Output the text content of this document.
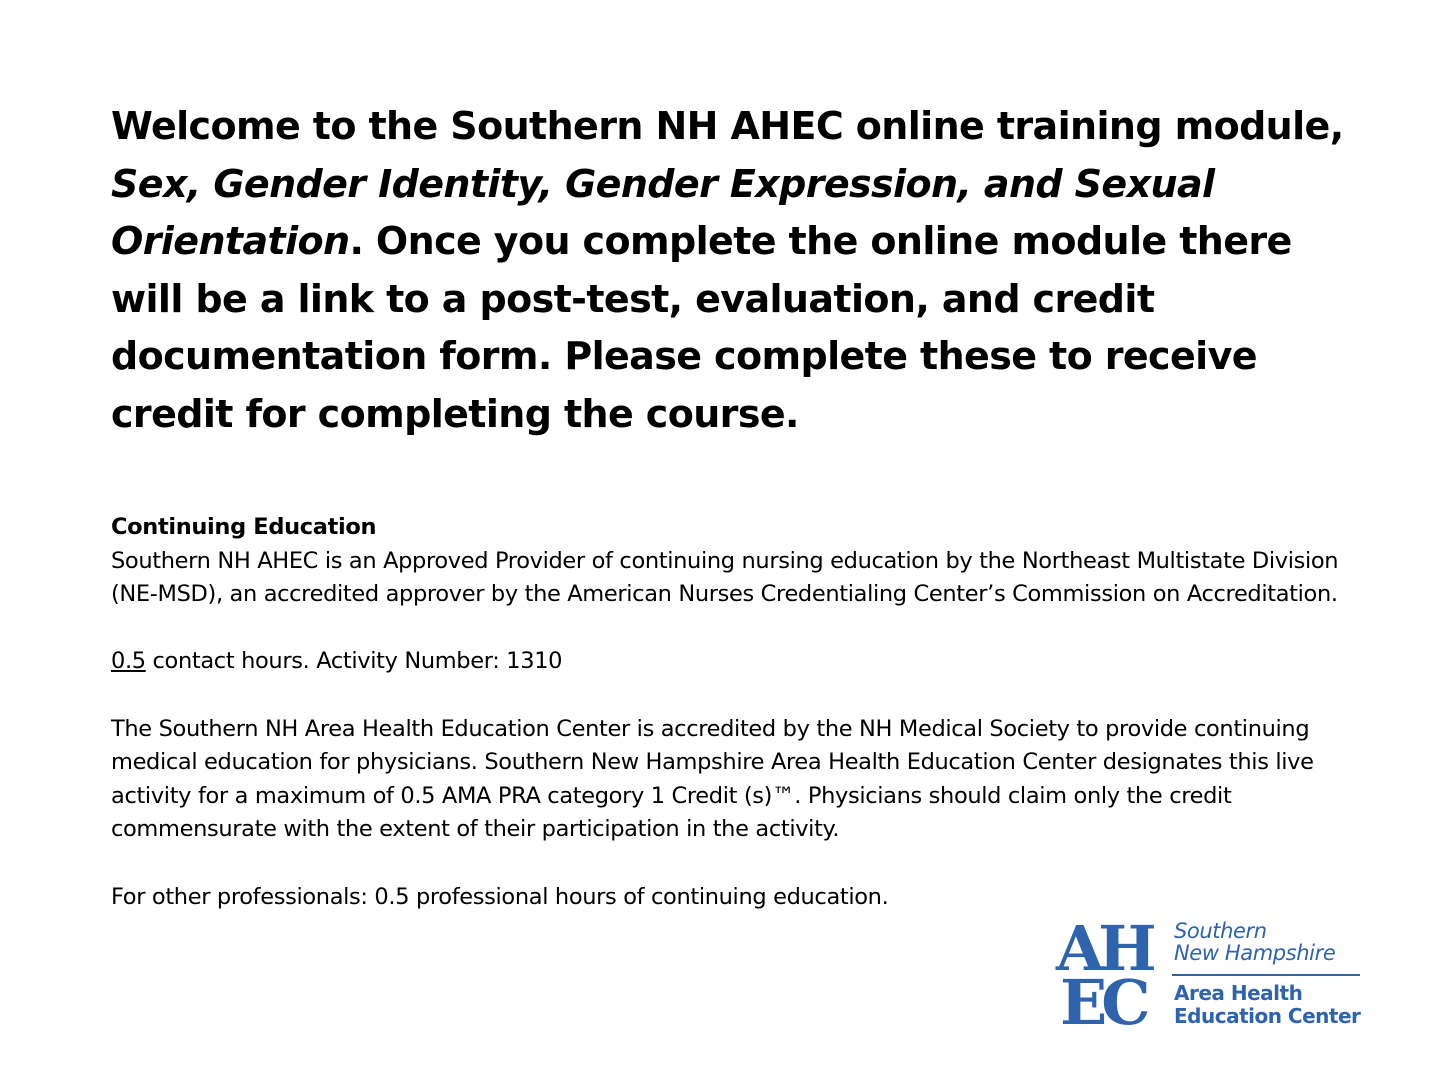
Welcome to the Southern NH AHEC online training module, Sex, Gender Identity, Gender Expression, and Sexual Orientation. Once you complete the online module there will be a link to a post-test, evaluation, and credit documentation form. Please complete these to receive credit for completing the course.

Continuing Education

Southern NH AHEC is an Approved Provider of continuing nursing education by the Northeast Multistate Division (NE-MSD), an accredited approver by the American Nurses Credentialing Center’s Commission on Accreditation.

0.5 contact hours. Activity Number: 1310

The Southern NH Area Health Education Center is accredited by the NH Medical Society to provide continuing medical education for physicians. Southern New Hampshire Area Health Education Center designates this live activity for a maximum of 0.5 AMA PRA category 1 Credit (s)™. Physicians should claim only the credit commensurate with the extent of their participation in the activity.

For other professionals: 0.5 professional hours of continuing education.

AH
EC
Southern
New Hampshire
Area Health
Education Center
